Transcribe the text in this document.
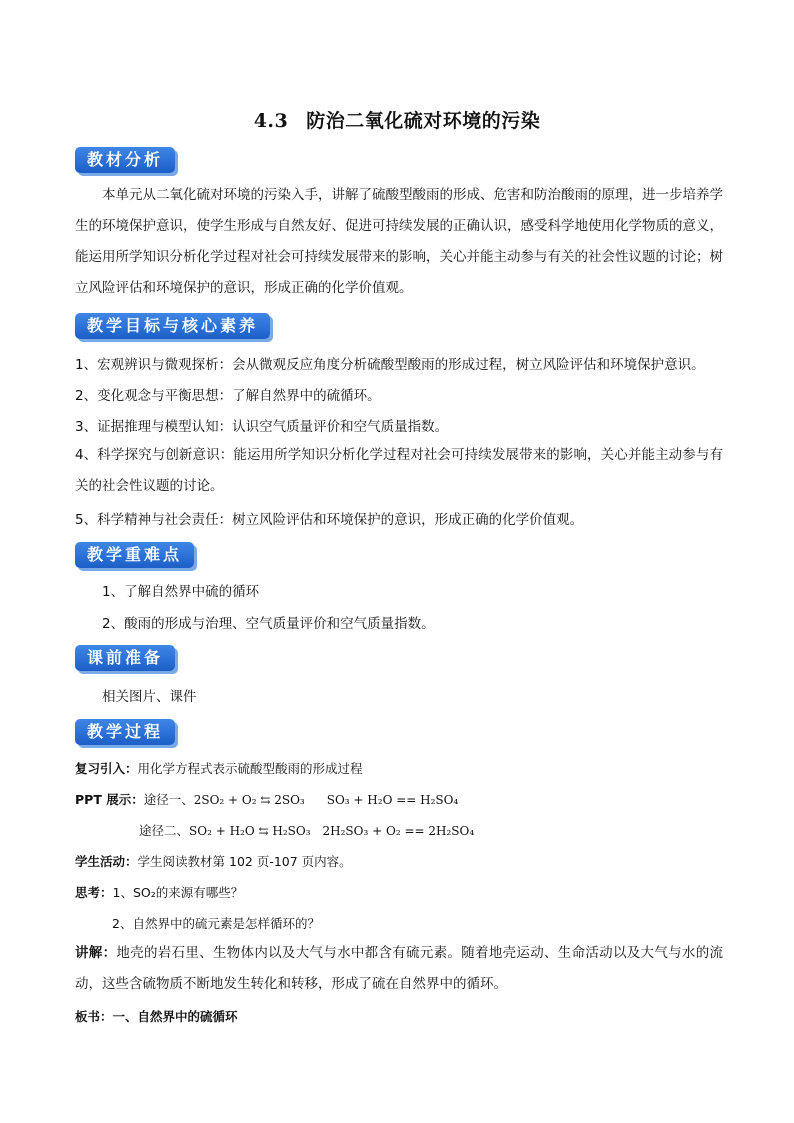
4.3 防治二氧化硫对环境的污染
教材分析
本单元从二氧化硫对环境的污染入手，讲解了硫酸型酸雨的形成、危害和防治酸雨的原理，进一步培养学生的环境保护意识，使学生形成与自然友好、促进可持续发展的正确认识，感受科学地使用化学物质的意义，能运用所学知识分析化学过程对社会可持续发展带来的影响，关心并能主动参与有关的社会性议题的讨论；树立风险评估和环境保护的意识，形成正确的化学价值观。
教学目标与核心素养
1、宏观辨识与微观探析：会从微观反应角度分析硫酸型酸雨的形成过程，树立风险评估和环境保护意识。
2、变化观念与平衡思想：了解自然界中的硫循环。
3、证据推理与模型认知：认识空气质量评价和空气质量指数。
4、科学探究与创新意识：能运用所学知识分析化学过程对社会可持续发展带来的影响，关心并能主动参与有关的社会性议题的讨论。
5、科学精神与社会责任：树立风险评估和环境保护的意识，形成正确的化学价值观。
教学重难点
1、了解自然界中硫的循环
2、酸雨的形成与治理、空气质量评价和空气质量指数。
课前准备
相关图片、课件
教学过程
复习引入：用化学方程式表示硫酸型酸雨的形成过程
PPT 展示：途径一、2SO₂ + O₂ ⇆ 2SO₃ SO₃ + H₂O == H₂SO₄
途径二、SO₂ + H₂O ⇆ H₂SO₃ 2H₂SO₃ + O₂ == 2H₂SO₄
学生活动：学生阅读教材第 102 页-107 页内容。
思考：1、SO₂的来源有哪些？
2、自然界中的硫元素是怎样循环的？
讲解：地壳的岩石里、生物体内以及大气与水中都含有硫元素。随着地壳运动、生命活动以及大气与水的流动，这些含硫物质不断地发生转化和转移，形成了硫在自然界中的循环。
板书：一、自然界中的硫循环
